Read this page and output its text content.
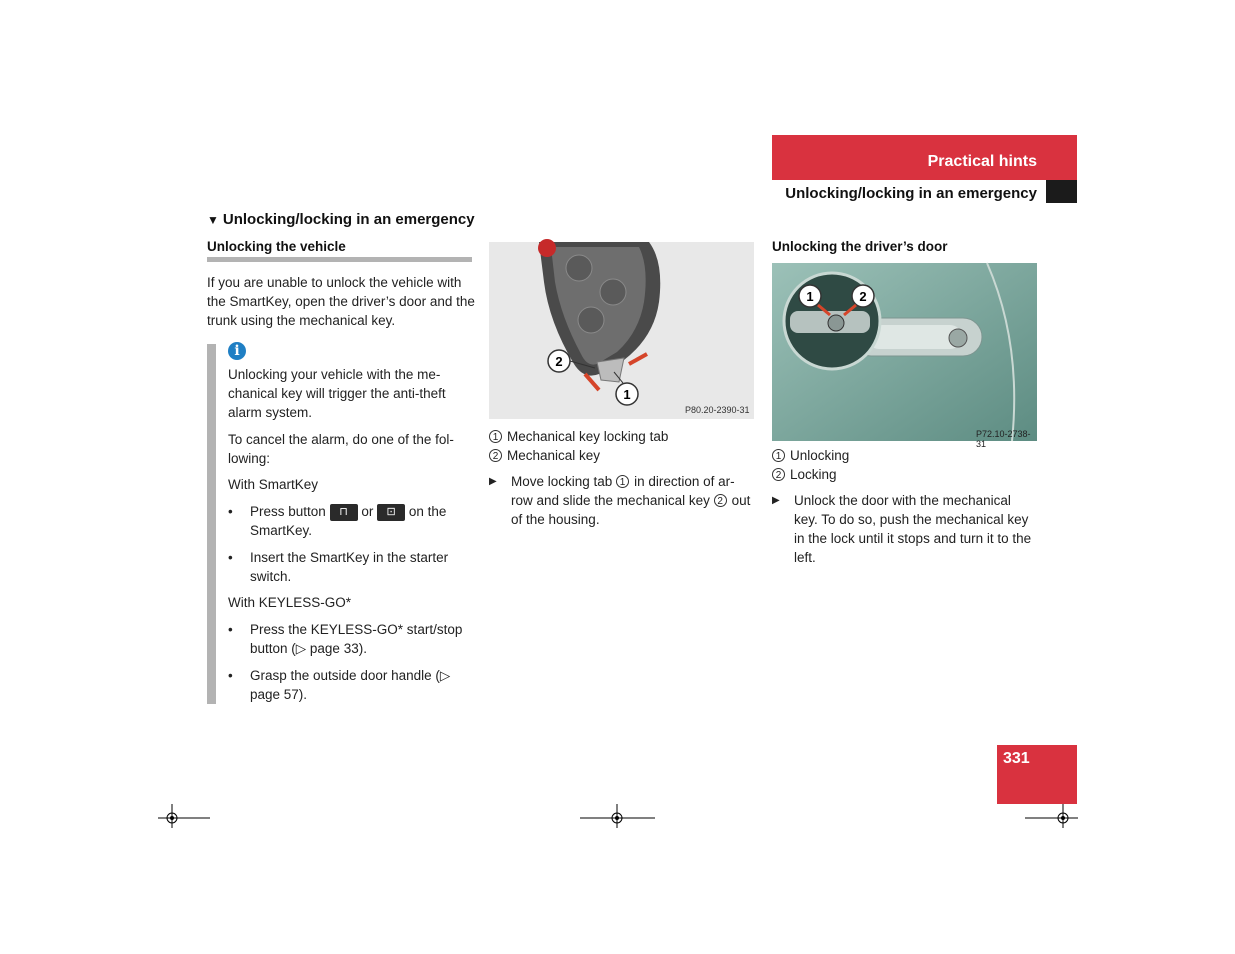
Practical hints
Unlocking/locking in an emergency
▼ Unlocking/locking in an emergency
Unlocking the vehicle
If you are unable to unlock the vehicle with the SmartKey, open the driver’s door and the trunk using the mechanical key.
i
Unlocking your vehicle with the me-chanical key will trigger the anti-theft alarm system.
To cancel the alarm, do one of the fol-lowing:
With SmartKey
• Press button ⊓ or ⊡ on the SmartKey.
• Insert the SmartKey in the starter switch.
With KEYLESS-GO*
• Press the KEYLESS-GO* start/stop button (▷ page 33).
• Grasp the outside door handle (▷ page 57).
2
1
P80.20-2390-31
1 Mechanical key locking tab
2 Mechanical key
▶ Move locking tab 1 in direction of ar-row and slide the mechanical key 2 out of the housing.
Unlocking the driver’s door
1	2
P72.10-2738-31
1 Unlocking
2 Locking
▶ Unlock the door with the mechanical key. To do so, push the mechanical key in the lock until it stops and turn it to the left.
331
